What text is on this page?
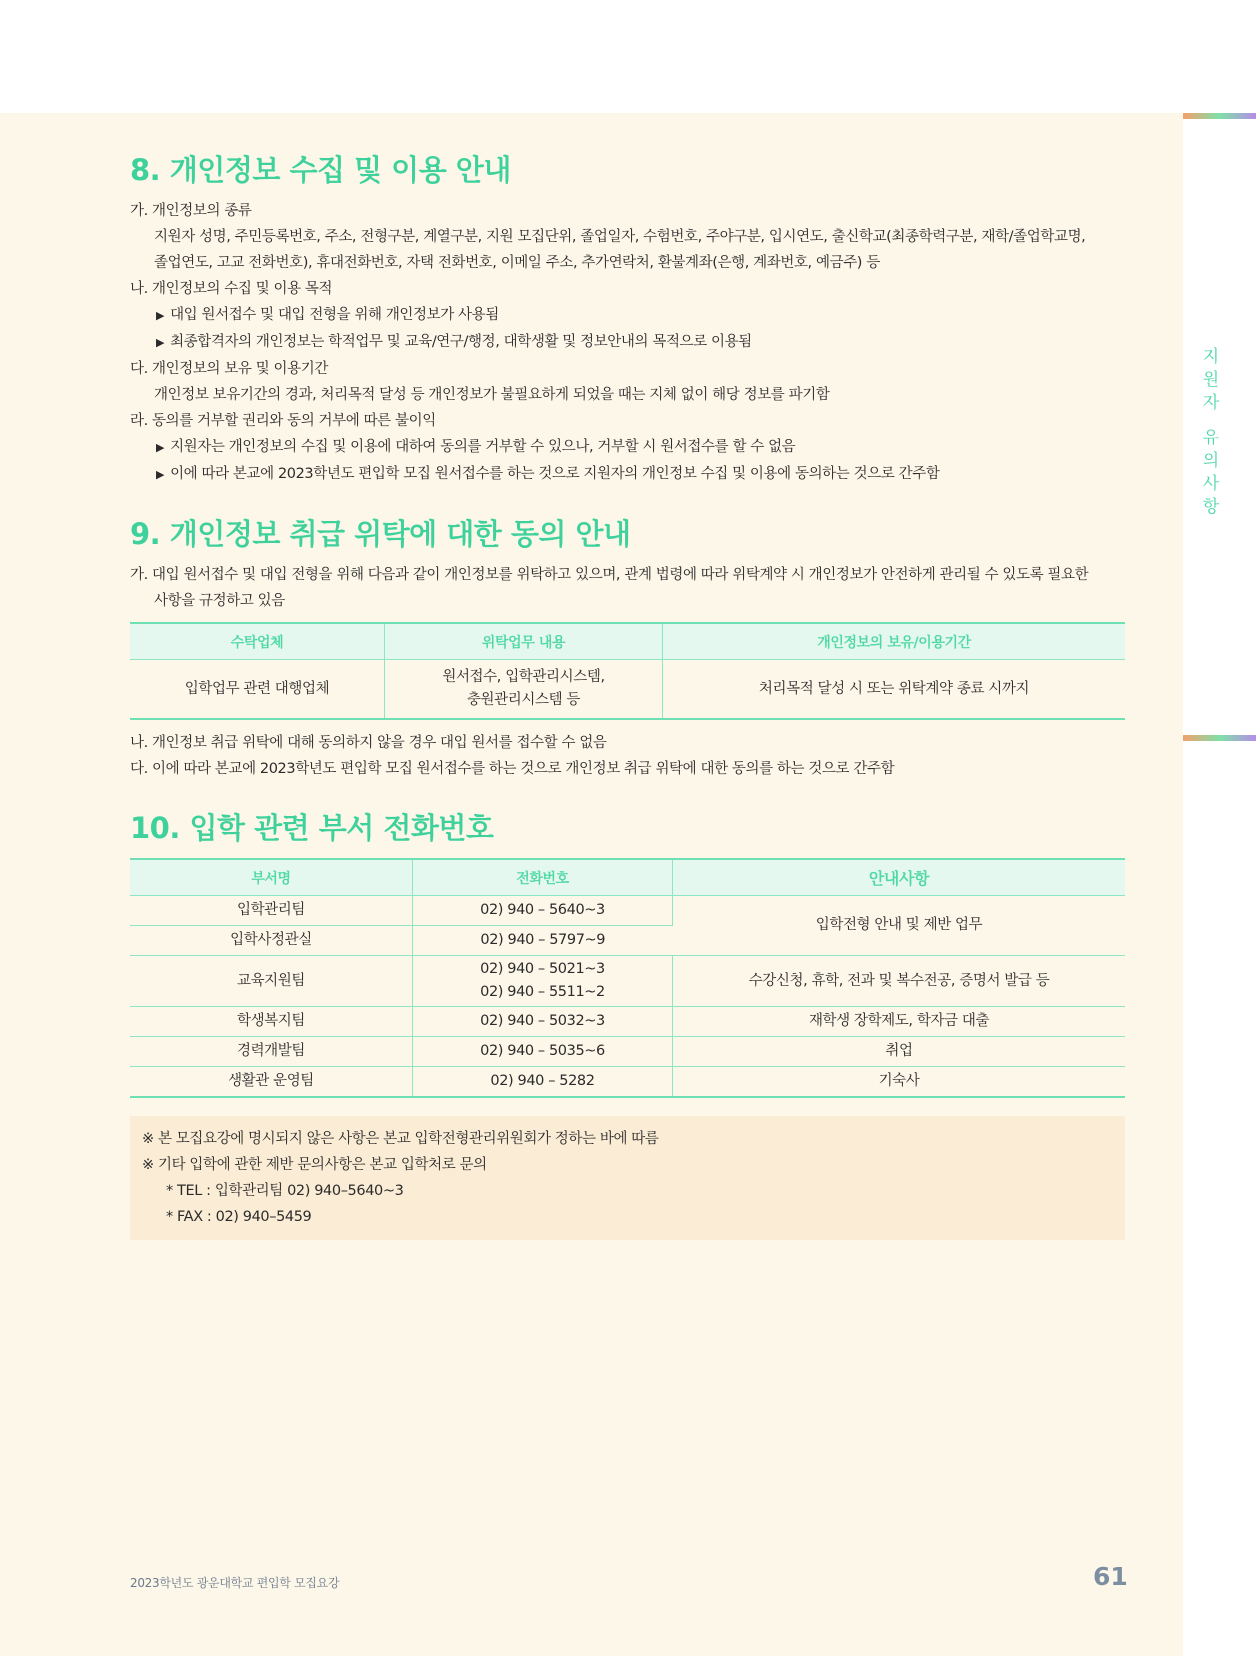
지
원
자
유
의
사
항
8. 개인정보 수집 및 이용 안내
가. 개인정보의 종류
지원자 성명, 주민등록번호, 주소, 전형구분, 계열구분, 지원 모집단위, 졸업일자, 수험번호, 주야구분, 입시연도, 출신학교(최종학력구분, 재학/졸업학교명,
졸업연도, 고교 전화번호), 휴대전화번호, 자택 전화번호, 이메일 주소, 추가연락처, 환불계좌(은행, 계좌번호, 예금주) 등
나. 개인정보의 수집 및 이용 목적
▶ 대입 원서접수 및 대입 전형을 위해 개인정보가 사용됨
▶ 최종합격자의 개인정보는 학적업무 및 교육/연구/행정, 대학생활 및 정보안내의 목적으로 이용됨
다. 개인정보의 보유 및 이용기간
개인정보 보유기간의 경과, 처리목적 달성 등 개인정보가 불필요하게 되었을 때는 지체 없이 해당 정보를 파기함
라. 동의를 거부할 권리와 동의 거부에 따른 불이익
▶ 지원자는 개인정보의 수집 및 이용에 대하여 동의를 거부할 수 있으나, 거부할 시 원서접수를 할 수 없음
▶ 이에 따라 본교에 2023학년도 편입학 모집 원서접수를 하는 것으로 지원자의 개인정보 수집 및 이용에 동의하는 것으로 간주함
9. 개인정보 취급 위탁에 대한 동의 안내
가. 대입 원서접수 및 대입 전형을 위해 다음과 같이 개인정보를 위탁하고 있으며, 관계 법령에 따라 위탁계약 시 개인정보가 안전하게 관리될 수 있도록 필요한
사항을 규정하고 있음
수탁업체	위탁업무 내용	개인정보의 보유/이용기간
입학업무 관련 대행업체	원서접수, 입학관리시스템,
충원관리시스템 등	처리목적 달성 시 또는 위탁계약 종료 시까지
나. 개인정보 취급 위탁에 대해 동의하지 않을 경우 대입 원서를 접수할 수 없음
다. 이에 따라 본교에 2023학년도 편입학 모집 원서접수를 하는 것으로 개인정보 취급 위탁에 대한 동의를 하는 것으로 간주함
10. 입학 관련 부서 전화번호
부서명	전화번호	안내사항
입학관리팀	02) 940 – 5640~3	입학전형 안내 및 제반 업무
입학사정관실	02) 940 – 5797~9	
교육지원팀	02) 940 – 5021~3
02) 940 – 5511~2	수강신청, 휴학, 전과 및 복수전공, 증명서 발급 등
학생복지팀	02) 940 – 5032~3	재학생 장학제도, 학자금 대출
경력개발팀	02) 940 – 5035~6	취업
생활관 운영팀	02) 940 – 5282	기숙사
※ 본 모집요강에 명시되지 않은 사항은 본교 입학전형관리위원회가 정하는 바에 따름
※ 기타 입학에 관한 제반 문의사항은 본교 입학처로 문의
* TEL : 입학관리팀 02) 940–5640~3
* FAX : 02) 940–5459
2023학년도 광운대학교 편입학 모집요강	61
